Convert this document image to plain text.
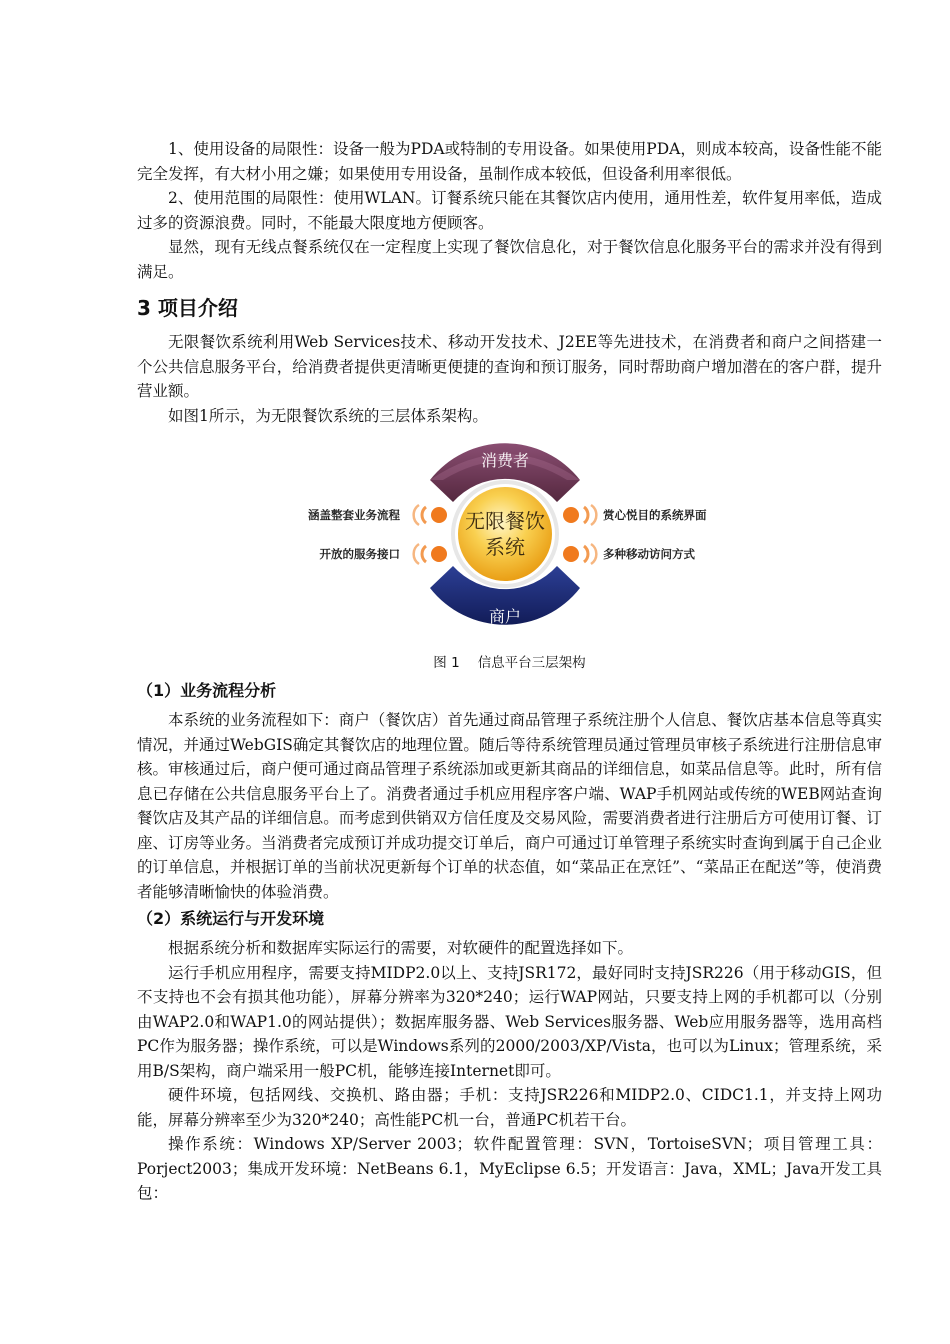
1、使用设备的局限性：设备一般为PDA或特制的专用设备。如果使用PDA，则成本较高，设备性能不能完全发挥，有大材小用之嫌；如果使用专用设备，虽制作成本较低，但设备利用率很低。

2、使用范围的局限性：使用WLAN。订餐系统只能在其餐饮店内使用，通用性差，软件复用率低，造成过多的资源浪费。同时，不能最大限度地方便顾客。

显然，现有无线点餐系统仅在一定程度上实现了餐饮信息化，对于餐饮信息化服务平台的需求并没有得到满足。

3 项目介绍

无限餐饮系统利用Web Services技术、移动开发技术、J2EE等先进技术，在消费者和商户之间搭建一个公共信息服务平台，给消费者提供更清晰更便捷的查询和预订服务，同时帮助商户增加潜在的客户群，提升营业额。

如图1所示，为无限餐饮系统的三层体系架构。

消费者
商户
无限餐饮
系统
涵盖整套业务流程
开放的服务接口
赏心悦目的系统界面
多种移动访问方式
图 1 信息平台三层架构
（1）业务流程分析

本系统的业务流程如下：商户（餐饮店）首先通过商品管理子系统注册个人信息、餐饮店基本信息等真实情况，并通过WebGIS确定其餐饮店的地理位置。随后等待系统管理员通过管理员审核子系统进行注册信息审核。审核通过后，商户便可通过商品管理子系统添加或更新其商品的详细信息，如菜品信息等。此时，所有信息已存储在公共信息服务平台上了。消费者通过手机应用程序客户端、WAP手机网站或传统的WEB网站查询餐饮店及其产品的详细信息。而考虑到供销双方信任度及交易风险，需要消费者进行注册后方可使用订餐、订座、订房等业务。当消费者完成预订并成功提交订单后，商户可通过订单管理子系统实时查询到属于自己企业的订单信息，并根据订单的当前状况更新每个订单的状态值，如“菜品正在烹饪”、“菜品正在配送”等，使消费者能够清晰愉快的体验消费。

（2）系统运行与开发环境

根据系统分析和数据库实际运行的需要，对软硬件的配置选择如下。

运行手机应用程序，需要支持MIDP2.0以上、支持JSR172，最好同时支持JSR226（用于移动GIS，但不支持也不会有损其他功能），屏幕分辨率为320*240；运行WAP网站，只要支持上网的手机都可以（分别由WAP2.0和WAP1.0的网站提供）；数据库服务器、Web Services服务器、Web应用服务器等，选用高档PC作为服务器；操作系统，可以是Windows系列的2000/2003/XP/Vista，也可以为Linux；管理系统，采用B/S架构，商户端采用一般PC机，能够连接Internet即可。

硬件环境，包括网线、交换机、路由器；手机：支持JSR226和MIDP2.0、CIDC1.1，并支持上网功能，屏幕分辨率至少为320*240；高性能PC机一台，普通PC机若干台。

操作系统：Windows XP/Server 2003；软件配置管理：SVN，TortoiseSVN；项目管理工具：Porject2003；集成开发环境：NetBeans 6.1，MyEclipse 6.5；开发语言：Java，XML；Java开发工具包：
